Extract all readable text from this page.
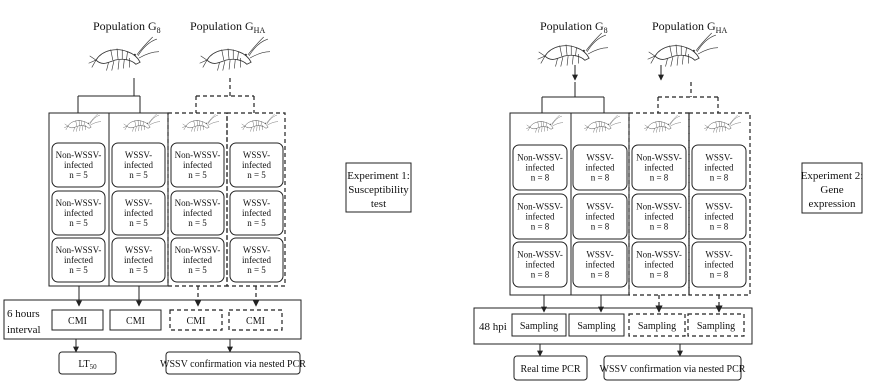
Population $G_8$ Population $G_{HA}$
Non-WSSV-
infected
n = 5
WSSV-
infected
n = 5
Non-WSSV-
infected
n = 5
WSSV-
infected
n = 5
Non-WSSV-
infected
n = 5
WSSV-
infected
n = 5
Non-WSSV-
infected
n = 5
WSSV-
infected
n = 5
Non-WSSV-
infected
n = 5
WSSV-
infected
n = 5
Non-WSSV-
infected
n = 5
WSSV-
infected
n = 5
6 hours
interval
CMI	CMI	CMI	CMI
$LT_{50}$	WSSV confirmation via nested PCR
Experiment 1:
Susceptibility
test
Population $G_8$	Population $G_{HA}$
Non-WSSV-
infected
n = 8
WSSV-
infected
n = 8
Non-WSSV-
infected
n = 8
WSSV-
infected
n = 8
Non-WSSV-
infected
n = 8
WSSV-
infected
n = 8
Non-WSSV-
infected
n = 8
WSSV-
infected
n = 8
Non-WSSV-
infected
n = 8
WSSV-
infected
n = 8
Non-WSSV-
infected
n = 8
WSSV-
infected
n = 8
48 hpi Sampling Sampling Sampling Sampling
Real time PCR WSSV confirmation via nested PCR
Experiment 2:
Gene
expression
